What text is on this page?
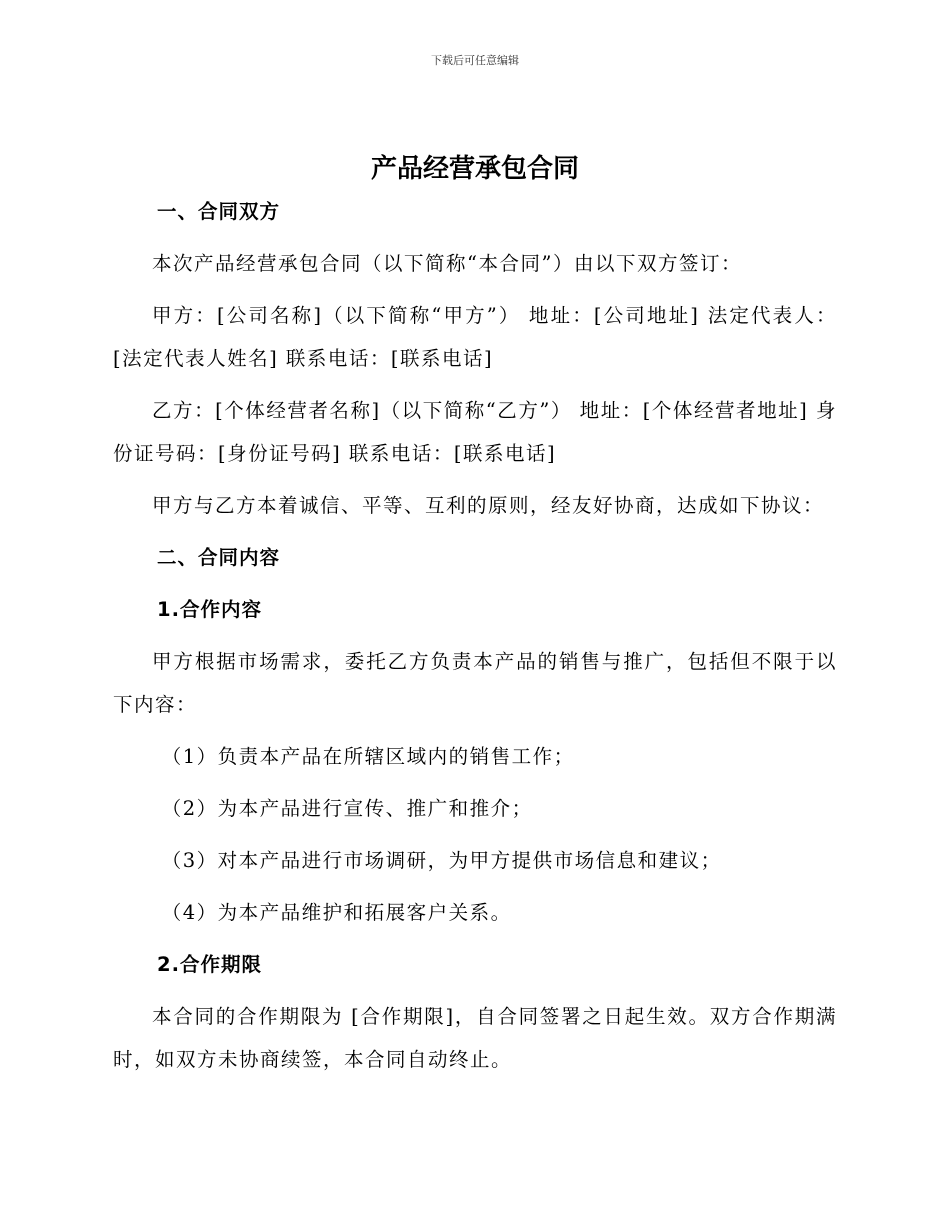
下载后可任意编辑
产品经营承包合同
一、合同双方

本次产品经营承包合同（以下简称“本合同”）由以下双方签订：

甲方：[公司名称]（以下简称“甲方”） 地址：[公司地址] 法定代表人：[法定代表人姓名] 联系电话：[联系电话]

乙方：[个体经营者名称]（以下简称“乙方”） 地址：[个体经营者地址] 身份证号码：[身份证号码] 联系电话：[联系电话]

甲方与乙方本着诚信、平等、互利的原则，经友好协商，达成如下协议：

二、合同内容
1.合作内容

甲方根据市场需求，委托乙方负责本产品的销售与推广，包括但不限于以下内容：

（1）负责本产品在所辖区域内的销售工作；

（2）为本产品进行宣传、推广和推介；

（3）对本产品进行市场调研，为甲方提供市场信息和建议；

（4）为本产品维护和拓展客户关系。

2.合作期限

本合同的合作期限为 [合作期限]，自合同签署之日起生效。双方合作期满时，如双方未协商续签，本合同自动终止。
